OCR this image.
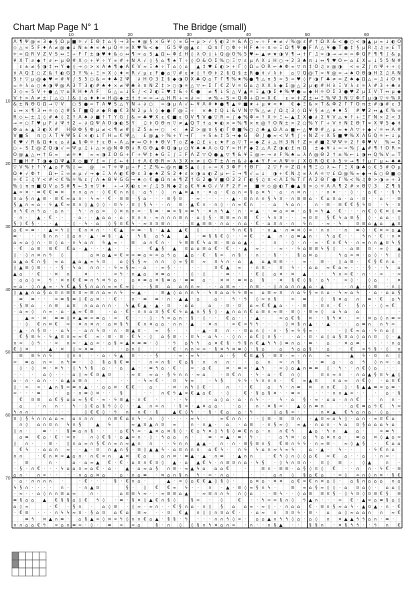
Chart Map Page N° 1	The Bridge (small)
Λ ¶ Ψ @ ∞ 3 ◆ § Ω μ ■ ☼ √ Σ Θ ‡ ⌂ § → 3 ≈ ♦ @ § × G ¥ ◊ ∞ G → μ > √ § ◐ 2 ☼ & A ○ ≈ ÷ F ★ ≠ √ % @ ε # † Ω X & < ● ○ < ◑ ▲ μ ≈ ↓ ◐ O
◇ △ ∞ 5 F ♦ A ≠ @ ◆ ↓ N ± ♠ ∞ ♠ μ Q ☼ ∞ X ♥ % < ◆ G 5 Ψ @ ▲ ε Ω π Γ ○ Φ ÷ H F ♠ ÷ π ∞ Ξ Ω ¶ Ψ ● F Λ △ ¥ ● T ● ‡ § μ R ♫ ♫ ∞ £ T
☼ ≈ Ω R V Z V S ↔ Ξ ÷ F Γ ± ◑ ♥ ♦ & ◇ ↔ ¶ ≈ ⌂ S ▲ Ω ← Φ £ H ◊ λ O ◊ ↓ Q @ O % 5 ♥ ← ▲ ≠ ★ ◑ V ¶ → † Γ ♫ ≈ ◑ → → ∞ = Φ Q F ¶ ¶ ∫ & μ
¥ X T ∂ ◆ ↑ ∂ ← μ Θ # X ◇ + ¥ ÷ Y ∞ # + N A √ ◊ § ⌂ ¶ ★ T ÷ ◊ O & O Σ % ○ Ξ ▽ ε μ Λ X ↓ H ○ → 2 3 ♣ π ↓ ↔ ¶ ♥ O ← ⌂ £ X = ↓ 5 5 N #
ε ± ≠ § ◑ ‡ ↔ Y ◆ ◊ → ◇ > × A ♠ ¶ ◆ A € V ≈ Ξ ♠ ÷ T ⌂ ◊ ⌂ ▲ ‡ ♥ £ ◐ > + Γ ◊ Ω = O R ← ♠ Φ ≈ ▽ π ‡ O ♫ × @ ◑ < ∞ Z ∫ π Ψ + + ◊
‡ A Q Σ ○ Z & ↑ ◐ G 3 Y % + Ξ > X ◊ ♦ < R √ μ ε F ● ⌂ ▽ # ε ★ ◊ ↑ Θ ‡ 2 § Q § ± R ● ‡ √ λ ‡ ⌂ ▽ Q @ T ≈ ¥ @ ≈ → ♠ O Θ ◑ H Σ ♫ A N
S † ▽ μ @ ◆ ♥ < # ¥ ∫ S 5 ○ & = ♦ ♣ 2 Ψ ∂ H O 3 Σ § ◆ ◑ O X ♣ Q ⌂ T Γ ¶ % ★ % ● ¶ △ π 5 ≈ 5 = ♥ ◊ F ◑ Γ ♣ ≠ ∞ Z ♠ ◆ Ω △ = ♫ ↓ O ‡
= ☼ λ ⌂ ○ ♠ ◑ Ψ @ A 3 T 3 ◐ # ♠ ♦ × ≠ Ψ ♣ λ π N Z ‡ > ○ ◑ ☼ △ ▽ ← Σ Γ € Z V ☼ G ⌂ ♫ X X λ ◆ Σ @ △ 2 μ ◐ # H λ Ξ V λ ε ☼ λ # 3 + ♣ ∂
3 ◇ ≈ 5 V + ● △ ▽ ⌂ R H ♦ Λ F G △ = ↓ S ∫ < 2 ◐ Ξ ♥ ‡ & ÷ € ● ≠ ¶ ↓ S △ V ▲ ☼ Ξ ▲ ◑ Σ ♦ % ♥ ● = ◆ H ☼ O Σ 3 ● ♥ Z μ Σ V T ↔ μ ◆
V † > A ≠ ± ∫ △ ○ ∫ & ◊ ⌂ ♦ ♦ ∞ H @ ◆ ± † † ∞ ∞ → △ H R + ≈ ∂ = ≠ % ÷ S ≈ Q Φ + Ω ∞ X € ε ∞ ‡ Z ± ↔ Ξ % Ψ 3 N ▽ Φ Γ μ ◑ ▽ ☼ % X
& ± N Θ G Ω → ▽ V ○ S ● = T A ♥ S △ Y N + ∂ ○ = ◑ μ A √ ← ¥ A # ♦ ● ¶ ▲ ☼ ■ ★ + μ ★ < ♦ € ◆ Ξ & × T & Φ 2 Γ T O π ± # ◑ # ε 3
↓ ↔ × ¶ 3 ↔ ☼ ◇ ♫ # S Γ ■ Q ∂ ◆ R ● € 3 N 2 μ λ ◊ ◆ ● Γ @ Ξ ÷ × ♣ ‡ Q ↓ & V N ▽ % △ ≠ ∫ Ω ♫ 3 ◊ Ω ¥ § ± △ ♦ ♦ 5 # ♥ 2 ↔ ▲ € % ∞
R ◇ ← ± ♫ ◊ # ♠ ◊ Σ ↑ A ♠ ∂ ■ ↑ T Y G ∫ & ≈ ♣ ♥ X ε € ■ ε O V ¶ V ● ▽ R ≈ ∫ ◆ % Φ ∞ ↑ X ☼ Ξ ← ▲ Σ X ● ∂ Σ ¥ V △ ★ ↑ + Ξ Γ N × 2 < 3
→ < ○ Γ ♥ μ F ∂ Ψ † 2 ÷ ∂ Ω Ψ A O ◑ ◐ S Y ♫ ‡ O Θ π ▽ ≠ ▲ Q T † ⌂ ★ ◐ × ∞ % ¶ × π @ ↑ O N ± > 2 ○ % Y Γ + V † N Σ Θ T ∞ X Ψ 5 ◆ ‡
Φ ⌂ ± ▲ 3 ◐ X # H Θ Φ § Φ μ ≠ < ¶ ≠ # ◊ Z 5 ± ↔ ○ < ★ Z > @ π § ◐ Γ Φ ■ % ○ ♫ ♣ ▲ Ω Λ ⌂ ■ ← △ ♥ Φ # △ μ ≈ ★ Λ ▽ + ◆ √ ☼ ↔ A #
V ■ S π ○ λ T ¥ Ψ S £ × ◐ ↓ Γ H = € Ψ △ £ @ ▲ ÷ % + Y → Γ + S ± ‡ 5 → ◆ G Θ ∫ ● ≈ < V ¶ ∫ ÷ N Z ÷ X S ■ ♥ % X Λ G Q ☼ ← ↓ μ
€ ♥ √ R & Ω ♦ ε ⌂ ∂ ▲ § Φ ☼ † ε Θ ÷ A △ ★ ↔ O ‡ ♦ Θ V T ◇ Z ◆ ♫ £ ↓ ε ★ F ⌂ ▽ T = ◆ Z ↓ △ H 3 N ↑ Z > # ■ Σ Ψ Ψ ☼ 2 ↑ Φ ♥ V % ↔ Σ
○ ÷ S Σ @ Z Q ◑ √ = Ψ μ ♫ ↓ △ × @ N Φ Θ ↓ R G Θ ▲ Φ Q ◑ μ ○ ¥ ♠ ♠ A ◇ Q Y ≈ H F ◆ Σ △ Λ Z ◑ ◐ £ π Ω ± ◆ ¥ ↓ = = % ∫ ▲ # ¶ ↑ O R >
O @ ▲ △ ↔ † G ≈ ≠ ☼ ♦ ≈ ≈ ◑ Σ O G + Γ + Ψ ‡ ★ G Ξ ∫ Ξ F Λ Z ▽ Q ● ▲ ▽ ¶ & ¥ Ξ @ ← → ∂ F % ♠ = λ Λ @ Θ 2 † ± % ← ↓ ◑ ↔ Q % V = T
T ■ H F T ◑ ◆ Ω Ψ ▲ X ◇ ■ Y £ ≈ ∫ £ ← ‡ ∫ † Λ € Θ R > λ 3 X × ≠ ◊ G T ± Λ π & ∂ ◆ ♠ Y F < Λ Ψ ☼ ∫ X G R Q € λ 5 ☼ → ¶ ↑ μ Γ μ ← ♠ ♠
▽ V % † ↑ Y ▲ ⌂ F % ◊ ↔ @ = T ☼ Ψ μ ÷ F Ξ Z % ← @ π ■ S ▲ ◊ ◊ + = X 3 Φ F ↑ Θ Γ 2 ▽ F ☼ Z Ω ‡ ¶ Ξ ○ λ ← Γ Ξ X ◑ ♣ ◇ € 5 # O μ
Ω ♦ √ Φ ↑ Ω ← Ξ ∞ ± μ √ → ◆ Ξ λ A ◐ € Φ ε 3 ◆ ♠ Z S 2 ♦ ε × ◑ ⌂ ◐ Z μ ← Ξ → ¶ √ = ↓ ◑ + € N ♫ ∞ λ A ☼ ▽ £ Ω @ % ≈ ◆ → & ○ Θ ■ ◇
☼ € Ξ ♫ Y < # < € % ☼ % ε ∫ Λ ★ Θ ¥ G G → ♠ ◇ € ● Ω π ± ¶ Z † G 2 ● V ■ O 2 2 Γ ◐ § ♫ π < Λ Σ % T Γ A 2 Θ Γ ● Γ % < % ♫ Φ > ◑ ∞ + 3
% ◊ π π ■ Q V ⌂ S # ¶ ← 5 π ▽ ♦ ÷ → X ◐ ε > ∫ ♫ 5 N ◆ 2 ⌂ € ¥ ♠ G √ V F 2 F > ■ ☼ ◇ @ ◐ T ● ▲ § > ◇ ☼ A Λ ¶ 2 # × Θ ▽ 3 Z ¶ §
▲ ≈ ¤ · ≡ € € ≡ ¤ ∩ ∩ ⌂ ∩ · ◊ € € ∩ ∩ ◊ · ⌂ ϟ · ◊ ∩ ▲ ¤ ▲ ∩ · ¤ ⌂ · € ⌂ ∩ ≈ § ⌂ ¤ ϟ · ⌂ · ∩ ¤ ∩ · · · ∩ ¤ · · ◊ · · ⌂ € · · § ϟ
¤ ⌂ § ∩ ▲ ≡ · ≡ € ≈ ⌂ ∩ · ϟ ≈ · € · ≡ ≡ · § ⌂ · · · ≡ § ¤ · ≈ · · · · · ▲ · ¤ ∩ ∩ ∩ § ϟ ¤ · ∩ ≡ ≡ ⌂ · € ⌂ ¤ ⌂ · ⌂ · ¤ · · ⌂ · · ≡
§ ▲ ∩ ≈ ⌂ · ϟ ▲ € ≈ ¤ ∩ ◊ ▲ ◊ ◊ · ¤ ϟ · ¤ ◊ § ϟ · · ∩ ≡ · ▲ € ∩ · ∩ ◊ · ∩ ≈ € ∩ · · ⌂ ϟ ⌂ ∩ · ∩ · ≡ · ≡ € € § ϟ ¤ · ϟ · ¤
∩ ϟ € ∩ ϟ ⌂ · ⌂ ∩ · ϟ · ∩ ⌂ ≈ ◊ ¤ ∩ ∩ ≈ · § ≡ · ≡ ≈ § ≈ ≡ ϟ · ¤ ∩ ϟ ▲ · ∩ · ≈ ▲ · · ≡ ⌂ ≈ ≡ · ⌂ § ≈ ϟ ▲ · € · · · ∩ € ◊ € ¤ ◊ ≡
· ∩ · ▲ · € · · · ⌂ · · ▲ ⌂ ⌂ · ⌂ · ¤ ∩ ∩ · ≈ ∩ ∩ ∩ ≡ ∩ · ⌂ ◊ § · ≡ ≡ ≈ ∩ ≡ € · ϟ ∩ ¤ · · ≈ ¤ ¤ § € ϟ ⌂ ≡ § ◊ · ⌂ ⌂ · ◊
§ ◊ € § · · · ▲ · ◊ · ϟ · ⌂ ◊ § ¤ € ϟ · ≈ ¤ ¤ ≡ ∩ · · ¤ ▲ ≡ ≡ · ∩ ⌂ · ∩ ⌂ · € · ⌂ ¤ ∩ · ∩ ϟ ∩ · ≈ · ϟ	¤ ≡ ⌂ ▲ ⌂ ▲ ¤
⌂ € ≈ ≡ · · ▲ ≈ ϟ ◊ · € ∩ ¤ ∩ · · € ▲ ≈ ≡ · § · ▲ ▲ ▲ € ◊	·	ϟ ∩ € § · ∩ ▲ · ∩ ≡ ¤ ◊ ≈ · ∩ ∩ · · ∩ ≡ ◊ · € ¤ ≈ ⌂ ▲
≡ · · · § ∩ ∩ · ◊ ⌂ ∩ · ▲ · ≡ § · ▲ · ϟ § ⌂ ϟ ▲	▲ · ≡ § § € ◊ · · ≈ € · ▲ ∩ · ⌂ ≡ ▲ ∩ · ϟ ⌂ € · · ϟ ∩ · € · ∩ ¤
⌂ ≈ ⌂ ◊ ∩ · ¤ ◊ ⌂ · ∩ ϟ ⌂ ∩ ϟ ▲ ≈ · ≡ ⌂ ∩ € ∩ · ϟ ≡ ≡ € ϟ ⌂ ≡ · ≡ ⌂ ⌂ ▲ · · ∩ · ◊ · ∩ · ≈ · € ∩ € ϟ · ∩ ≈ ∩ ∩ ▲ ¤ ϟ §
· € ⌂ ≡ ≡ € € ⌂ · ▲ · · · ▲ · · · € ▲ § ▲ ¤ ⌂ ⌂ ≡ ⌂ € · € · · ▲ ≈ · · ≈ · · ϟ ⌂ ≡ ≡ ϟ § ◊ · ⌂ ≡ ¤ · ≈ ◊ ▲
◊ · ◊ ∩ ¤ ∩ ϟ ◊	⌂ ¤ ⌂ ▲ ≈ € ≈ ≈ ≡ ⌂ ≈ ≈ ⌂ ϟ ⌂ ▲ ⌂ · € · § ≈ ∩ § · · ∩ · · § · · § ⌂ ¤ ⌂	ϟ ⌂ ≈ ¤ · ⌂ ◊ · ϟ ◊
⌂ ▲ ⌂ € ∩ § ≈ ⌂ ▲ ⌂ ▲ ≈ ϟ ¤	⌂ ◊ § § ≈ ∩ ∩ ◊ ≈ § ¤ ≈ ¤ ϟ ∩ · ⌂ ▲ ⌂ ▲ ≡ ≡ · · ≈ · ≡ · ◊ ⌂ ≡ · € § € ∩ ⌂ ·
◊ ▲ ≡ ◊ ≡ · · · § · ϟ ⌂ ∩ ∩ · · ϟ ≈ § ≈ · ⌂ · ≈ § · · · ·	¤ € ▲ ≈ · ∩ ¤ · ¤ ϟ · · ⌂ ⌂ ≈ € ⌂ ≈ · · · § · · ϟ ⌂
▲ ⌂ · € · ¤ ∩	¤ · · ≈ ϟ · ∩ ▲ ⌂ ¤ ≡ ⌂ · · ◊ · ◊	· ≡ · · · € ◊ ⌂ ¤ · ¤ ▲ · · ϟ ∩ ≈ € · ∩ · · ≈ · ≈
· ⌂ ⌂ ◊ ≈ ϟ · ¤ ∩ € € ≡ ∩ ϟ ¤ ϟ ⌂ · ⌂ ¤ ≡ ⌂ ¤ § ≡ ⌂ · ≡ ≡ ⌂ · ¤ ¤ · ≡ ¤ ⌂ § · ¤ § € ◊ § · ⌂ ϟ · ≈ ◊ · ◊ ⌂ · ¤
≈ ⌂ · ◊ ∩ ▲ ≈ · ϟ € ▲ § § ∩ ⌂ ∩ ≈ ≈ € ≈ ◊ · · § ≡ ⌂ ⌂ ∩ ∩ ≈ · · ⌂ ≡ ≈ · · ∩ ≡ · · ◊ ∩ ⌂ ∩ ∩ ▲ ⌂ · ▲	· ∩ ▲ · ◊ ≡ · ∩ ◊
◊ ▲ ▲ ∩ ⌂ § ⌂ ¤ ∩ ≡ ¤ ¤ ≈ ≡ ∩ ⌂ ≈ ∩ ϟ ≈ ▲ · · ≡ ▲ ◊ ⌂ ∩ ∩ ϟ · ϟ ¤ ⌂ ⌂ ϟ ϟ ≡ ≈ ⌂ ≡ ≈ ¤ ∩ ⌂ ϟ § ≈ ∩ ⌂ · ϟ ≈ ⌂ ϟ · ⌂ · ⌂ ⌂ §
≡ ≡ · · ≈ ≡ § ≡ ◊ € ⌂ ¤ · · € · ∩ · ≡ ≡ · ∩ · ▲ ▲ · ⌂	⌂ · ϟ · ϟ ◊ ≈ ∩ §	≈ ≡	◊ § ¤ ⌂ ∩ ≡ · € ⌂ ϟ
· § ≡ ⌂ · ∩ ≡ ⌂ ¤ ∩ ⌂ ⌂ ∩ ∩ · ϟ ▲ € ▲ · ▲ · ¤ · ⌂ ⌂	⌂ · ¤ · ¤ ⌂ ≈ € € ▲ ⌂ · · · ≡ · ¤ ∩ · € · § ∩ · · ◊ ≈ €
· ⌂ ≈ ◊ ∩ ≈ · ⌂ · ▲ ≈ € ≡	· ⌂ · € · ∩ ∩ ⌂ ¤ § € € ϟ ⌂ ▲ ∩ § § ◊ · ▲ ∩ ⌂ ∩ € ⌂ ≡ ∩ ≈ ≡ · ≡ ◊ · ≡ ≈ ◊ ⌂ ϟ ⌂ ⌂	·
▲ ≈ · ¤ ≡ ≡ ◊ ¤ ▲ ≡ ≈ ≡ ⌂ · ≈ € · · · ◊ · ϟ ≈ ⌂ ∩ · § · ◊ · · € ⌂ · · · ▲ ·	≈ ⌂ € § ¤ · · § ϟ ¤ · ≈ · ¤ ⌂ ◊ ∩ ≡ ≈
· ◊ € ∩ ¤ € ≈ · ¤ ∩ ¤ ∩ · ⌂ ¤ § ϟ € ∩ ¤ ⌂ ⌂ · ∩ ∩ · ▲ · ¤ ∩ · ≈ € ≈ ϟ ϟ · · · ◊ ¤ § ∩ ▲ · · ▲ · · · ⌂ ≡ ∩ ∩ ϟ ≈
· ▲ · ∩ § ¤ · · ⌂ ϟ · · ⌂ ∩ ϟ ¤ · ∩ · ≡ ▲ ¤ · ≈ § · · · ▲ · ¤ ∩ · · ¤ ⌂ ∩ ◊ · ∩ · § ≈ ϟ § ≈ · · · ◊ € ≈ ⌂ · ϟ ∩ ⌂ ◊
€ § ≡ ϟ · ϟ ▲ ¤ ∩ ≈ ≈ € ≈ · ≡ · ≡ · € ϟ · ◊ ⌂ § ≡ · · ¤ ϟ · ⌂ ϟ · · ◊ ∩ · ⌂ € ◊ ∩ § · · ⌂ · ¤ · ⌂ ◊ ⌂ § ¤ ⌂ ◊ ⌂ ∩ ¤ ◊ · ▲
∩ ≈ ◊ ϟ · · ≈ ∩ ≈ · ▲ ⌂ ≈ · ⌂ § ≈ ▲ ¤ ≡ ≡ · ◊ · ϟ ⌂ ϟ ϟ ⌂ ¤ € § · ϟ § ∩ € ▲ ϟ ϟ ◊ ≡ ∩ ⌂ · ≡ · ⌂ · ¤ ⌂ ≡ · · · · · ∩ ⌂
€ ◊ ¤	· ▲ · ¤ ◊ ≈ ¤ ≡ ·	· ⌂ ∩ ◊ · · · € · ∩ ∩ ≈ ≈ · § ¤ ϟ ¤ ≡ ◊ · § ⌂ · ⌂ ϟ ⌂ ⌂ § · · ⌂ · € ≈ ϟ § · ◊ ∩
≡ ≡ ϟ ∩ ϟ	◊ ∩ ∩ · · ⌂ · ϟ ▲ ¤ · · · §	· ≈ · ≈ ϟ ·	⌂ · § € ¤ ▲ § · ≡ ¤ · ≈ · ∩ ∩	≈	▲ ϟ · ¤ ∩ ◊
≈ ≡ ⌂ ∩ ≈ ∩ ϟ ≡ · ◊ § ⌂ § € ≡ · · ∩ ≈ ∩ § · € ⌂ § · ∩ ∩ ∩ · · ⌂ ∩ ≈ · ∩ § · · ≡ ⌂ · ⌂ ϟ ◊ ∩ ≈ · ⌂
◊ · ◊ ¤ · ¤ ϟ · ◊ ϟ ϟ § ⌂ · · ⌂ ▲ · · ≡ ϟ ⌂ · € · ≈ · ⌂ €	¤ · ≡ ≈ · ▲ ϟ · ≈ ◊ ⌂ ▲ ∩ ≡ ≡ ◊ · ϟ · · ∩ € ◊ ⌂ · ·
· · · ⌂ ◊ · · · ⌂ ◊ ≈ € ¤ ▲ ¤	· ≈ ¤ ≈ ⌂ · § ϟ ∩ ∩ · ≈ ⌂	· ¤ € ∩ · ϟ · ⌂ · € ∩ ◊	¤ ∩ ≈ ∩ · ∩ ⌂ ▲ § ¤ ϟ ▲ ◊
⌂ · ∩ · ⌂ ∩ · · ⌂ ▲ ⌂ ≡ ∩ ·	· · · ϟ ≈ € · ¤ ϟ ≈	· ϟ §	ϟ ϟ · ϟ ∩ ∩ ∩ · € ≈ ▲ ¤	∩ ⌂ ≈ ∩ € ◊ · ⌂ ¤ €
◊ · ≈ ≈ · ▲ ∩ § ≈ ≡ ∩ ▲ · · ⌂ ⌂ ¤ · € € · ⌂ · · ¤ · ∩ ϟ ◊ € ·	∩ · · €	⌂ ϟ · ∩ ≡ ¤ ∩ ∩ € ◊ · § ▲ ▲ ≡ ≈ ⌂ ≡ ·
≈ · · · ≡	· ⌂ · ∩ ≡ ◊ ¤ · · §	· · ∩ € ϟ ▲ ≈ € ▲ ⌂ € · ◊	€ · § ⌂ § ¤ · · ≡ ≈	· · · ∩ ∩ ▲ ≈ · · · ⌂ · §
€ ¤ ≡ ⌂ € § ⌂ ⌂ ≈ § € · ≈ · ϟ ≡ ▲ · ∩ € ·	· · ϟ	· ⌂ ◊ ⌂ · ⌂ · ∩ ϟ · · ϟ · ⌂ § · ≈ · ⌂ ⌂ · ∩ ∩ € · ∩ ∩ ·
⌂	· ∩ ∩ · ϟ · ◊ € ⌂ § ϟ ◊ ◊ · · ▲ ∩ ≈ ∩ · § ≈ · ▲ ¤ ⌂ ⌂ · · ⌂ · ∩ · ¤ § ≈ · ▲ ◊ ∩ ≡ ∩	· · ⌂ € ≡ ⌂ ϟ € ϟ ≈
ϟ ∩ ∩ ·	· · · ·	◊ € € ◊ · ϟ ∩ ∩ € · §	▲ € ◊ ϟ · · § · € ⌂ ⌂ · ϟ · ◊ ⌂ § ≈ · · · ∩ ¤ ▲ € ϟ ⌂ ∩ ⌂ · ◊ ⌂ · ·
¤ ◊ § ϟ ∩ ∩ ⌂ ⌂ ≈ ⌂ ∩ ∩ ∩	∩ ≡ € ⌂ ∩ ϟ · ∩ ◊ · · · · ≈ ϟ ·	≈ € ∩ ∩ · · · ◊ ≡ · ≡ ¤ ∩ · ▲ ¤ ≈ ⌂ ϟ ◊ · ⌂ ∩ · ≈ ¤ € ⌂
∩ ◊ ⌂ ∩ ¤ ∩ ϟ ∩ §	▲ ϟ	≈ ▲ ¤ ▲ ∩ ¤ ≈	∩ · ∩ ▲ · ⌂ · ⌂ ≡ · ∩ § ≈ ◊ ≈ ▲ · ∩ ⌂ ∩ · ϟ ⌂ ¤ § ⌂ ⌂ ⌂ ϟ ⌂
◊ ∩ ·	≡ · · § ≡ ⌂ ∩ § · · · ⌂ € ϟ ≈ · ▲ ¤ ⌂ ¤ § ◊ · € ⌂ ϟ ¤ ◊ ϟ § ◊ ≡ € ∩ ⌂ · ∩ ∩ € ϟ	▲ ⌂ · ϟ ∩ ▲ ⌂ ·	≈ ≡ ϟ
⌂ ≡ € ⌂ · € · ≈ ∩	∩ ◊ € § · ⌂ ▲ ≈ ∩ · ◊ · ϟ ⌂ ⌂ ∩ ·	≡ · ≈ ▲ · ≡ · ϟ · · ⌂ ϟ ¤ · ⌂ ϟ ⌂ ¤ ∩ ⌂ · ≡ ⌂ ¤ ◊ ▲ ⌂ ≈
◊ ∩ · · ≡ · ◊ ∩ ⌂ ≈ ∩ § € ∩ ≈ ∩ ≈ ▲ ∩ ∩ · · ϟ ∩ ∩ ▲ ▲ · ∩ · ∩ · ≡ § ≡ ∩ § € ≡ ∩ ϟ ϟ · ∩ ≈ ≡ · ≈ ◊ ▲ § · € ⌂ ⌂
€ ϟ · ⌂ ⌂ ∩ ≈ · · ▲ · ¤ ∩ ▲ ∩ § · ≡ ◊ ▲ ▲ ϟ · ⌂ ¤ ∩ ∩ ∩ ⌂ € ϟ · ∩ ϟ ϟ ⌂ ∩ ≈ ϟ ≈ ϟ	⌂ · ▲ · ϟ · ·	· ϟ € ∩ ⌂
∩ ∩	· € ∩ ¤ ≈ ▲ ⌂ ∩ · ∩ € ≈ ∩ ▲ ¤ € ⌂	⌂ ∩ ¤ · ≡ ▲ · ▲ · ∩ ≡ · ▲ ∩ ∩	· € ϟ ◊ ∩ ◊ ◊ ⌂ € ≈ € ⌂ · · ⌂ · ∩ ≈ ·
· ≡	∩ ·	⌂ · ⌂ ≈ ▲ € · € · ⌂ ¤ ∩ € ¤ ◊ ▲ · ⌂ ▲ € ϟ · ∩ ≡ ¤ ∩ ⌂ · ϟ § · ◊ ϟ ∩ ¤ ∩ · ¤ ◊ ≡ · ◊ ▲	∩ ·
· § · ∩ € · · · ϟ ⌂ ⌂ ∩ ≈ ⌂ € · ⌂ · ▲ · ⌂ ≈ ⌂ § ∩ ≡ · ≈ ▲ ϟ ⌂ ⌂ ⌂ €	·	≡ ∩ · ≡ ≡ · ⌂ § ◊ ¤ ◊ € · · ∩ ∩ · ϟ € · ≡
⌂ ∩ · ∩ ≈ · · · · ∩ ⌂ ⌂ ¤ ⌂ · ⌂ · ∩ ⌂ ≡ · ¤ ⌂ ∩ § ∩ ϟ · ≈ · ∩ ⌂ ·	· · ⌂ ∩ ◊ § ⌂ € ⌂ · ≈ ◊ ≈ ∩ ◊ ∩ ¤ · § €
· ⌂ · ∩ ∩ ∩ ∩ ·	· € · · · § · € ∩ ⌂ ·	▲ · ≈ ◊ ⌂ € € ▲ ◊ § ◊ ·	⌂ ¤ ⌂ · ¤ ¤ ⌂ € ≈ € ∩ ¤ ⌂ ◊ · ⌂ § ∩ ⌂ ⌂ ⌂ ∩ ⌂
ϟ § ∩ · · · · ∩ · · ∩ ▲ ¤	§ · ◊ € € ≈ ϟ · · ∩ · ▲ · ≡ ◊ ≈ § ∩ ϟ ·	≡ ≈ ⌂ § ≈ ◊ ◊ · ⌂ ¤ ⌂ ◊ · ⌂ ⌂ ◊
· ≈ · · ⌂ ◊ ∩ ∩ ≡ ⌂ ≈	∩ ·	⌂ ¤ ≡ ϟ ≈ · · ≈ ≡ ≡ ⌂ ▲ · ≈ ≡ ∩ ∩ ϟ ∩ ◊ ⌂ · · ≡ ϟ · · ◊ ⌂ ≡ ≡ ¤ § · ◊ ϟ ¤ ◊ ¤ ≡ € § ≡
≡ § ⌂ ⌂ ▲ € § § ⌂ ◊ € ϟ ◊ · ≡ · § ¤ ◊ ▲ € ∩ § ◊	§ ≈ · ◊	€ · · ϟ ≈ ≈ § ∩ ◊ ϟ ▲ ∩ · · · ≈ € · ▲ ≈ ⌂ ≡ § ⌂ ◊
⌂ ◊ ≈	· € · § ∩ · ⌂ ◊ ≡ · ◊ ≈ · ≈ ∩ · · € § ∩ ⌂ · ∩ ◊ § ⌂ ⌂ ≈ · ≈ ◊ · · ∩ ⌂ ⌂ € · ≡ ∩ § ≈ ⌂ ϟ · ▲ ¤ ▲ · ∩ · €
· € ≡ · · · ∩ ϟ ϟ ≈ ¤ · § ⌂ ¤ ⌂ € ⌂ ≡ ≈ · · ¤ € ▲ ∩ ◊ ◊ ∩ ¤ ⌂ € · · ⌂ ≈ ∩ ¤ ¤ ϟ · ≡ · ⌂ ⌂ ◊ ≈ ⌂ ⌂ ∩ ∩ ≈ €
≡ ϟ ¤ ▲ ∩ ≡ · ⌂ § ▲ ≈ ◊ ¤ ≈ ϟ ◊ ∩ ∩ € ⌂ ▲ · § § · ϟ · · · ∩ ∩ ϟ ◊ ≈ · ⌂ ⌂ ▲ ∩ ϟ ϟ ◊ ⌂ · ⌂ ◊ ∩ ¤ ▲ ▲ ϟ ϟ ⌂ ∩ · ≡ ·
∩ ∩ ⌂ ⌂ € ϟ ≈ ⌂ ∩ ≡ ≈ · ◊ · ≡ ≈ ≈ ⌂	§ · ∩ ◊ ◊ § ∩ ϟ ¤ ⌂ ∩ ≈ · ∩ · · ∩ § ▲ · · § § ∩ · ¤ § ϟ ϟ · · ϟ ∩ €
10	20	30	40	50	60
10
20
30
40
50
60
70
